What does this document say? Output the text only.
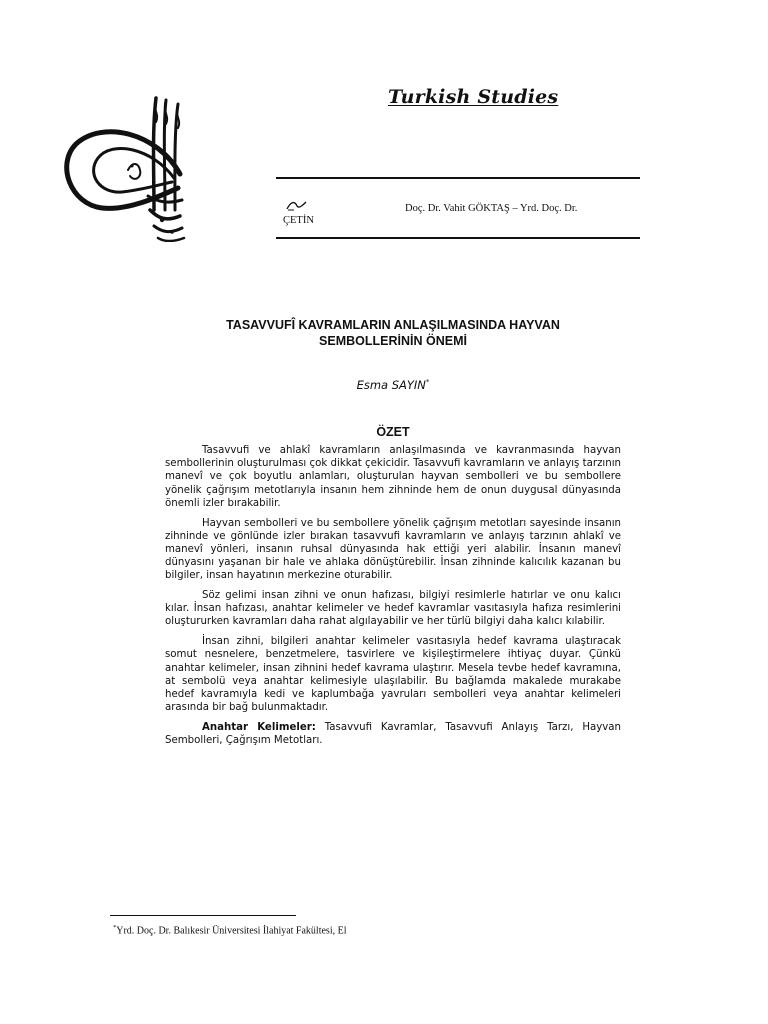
Turkish Studies

Doç. Dr. Vahit GÖKTAŞ – Yrd. Doç. Dr.

ÇETİN

TASAVVUFÎ KAVRAMLARIN ANLAŞILMASINDA HAYVAN
SEMBOLLERİNİN ÖNEMİ

Esma SAYIN*

ÖZET

Tasavvufi ve ahlakî kavramların anlaşılmasında ve kavranmasında hayvan sembollerinin oluşturulması çok dikkat çekicidir. Tasavvufi kavramların ve anlayış tarzının manevî ve çok boyutlu anlamları, oluşturulan hayvan sembolleri ve bu sembollere yönelik çağrışım metotlarıyla insanın hem zihninde hem de onun duygusal dünyasında önemli izler bırakabilir.

Hayvan sembolleri ve bu sembollere yönelik çağrışım metotları sayesinde insanın zihninde ve gönlünde izler bırakan tasavvufi kavramların ve anlayış tarzının ahlakî ve manevî yönleri, insanın ruhsal dünyasında hak ettiği yeri alabilir. İnsanın manevî dünyasını yaşanan bir hale ve ahlaka dönüştürebilir. İnsan zihninde kalıcılık kazanan bu bilgiler, insan hayatının merkezine oturabilir.

Söz gelimi insan zihni ve onun hafızası, bilgiyi resimlerle hatırlar ve onu kalıcı kılar. İnsan hafızası, anahtar kelimeler ve hedef kavramlar vasıtasıyla hafıza resimlerini oluştururken kavramları daha rahat algılayabilir ve her türlü bilgiyi daha kalıcı kılabilir.

İnsan zihni, bilgileri anahtar kelimeler vasıtasıyla hedef kavrama ulaştıracak somut nesnelere, benzetmelere, tasvirlere ve kişileştirmelere ihtiyaç duyar. Çünkü anahtar kelimeler, insan zihnini hedef kavrama ulaştırır. Mesela tevbe hedef kavramına, at sembolü veya anahtar kelimesiyle ulaşılabilir. Bu bağlamda makalede murakabe hedef kavramıyla kedi ve kaplumbağa yavruları sembolleri veya anahtar kelimeleri arasında bir bağ bulunmaktadır.

Anahtar Kelimeler: Tasavvufi Kavramlar, Tasavvufi Anlayış Tarzı, Hayvan Sembolleri, Çağrışım Metotları.

*Yrd. Doç. Dr. Balıkesir Üniversitesi İlahiyat Fakültesi, El
